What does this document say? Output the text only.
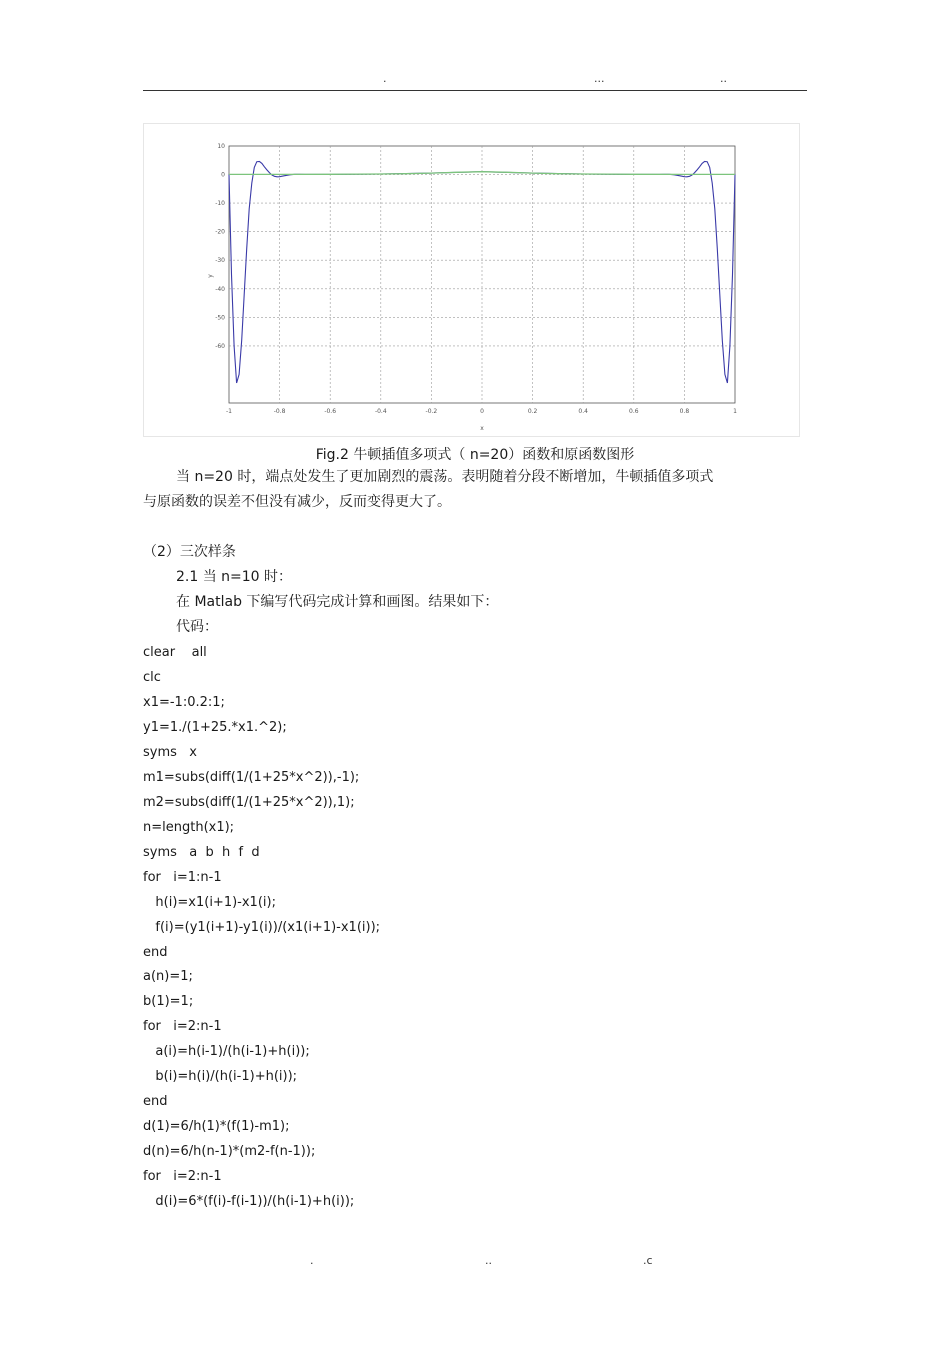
.	...	..
-1	-0.8	-0.6	-0.4	-0.2	0	0.2	0.4	0.6	0.8	1
10
0
-10
-20
-30
-40
-50
-60
x
y
Fig.2 牛顿插值多项式（ n=20）函数和原函数图形
当 n=20 时，端点处发生了更加剧烈的震荡。表明随着分段不断增加，牛顿插值多项式
与原函数的误差不但没有减少，反而变得更大了。
（2）三次样条
2.1 当 n=10 时：
在 Matlab 下编写代码完成计算和画图。结果如下：
代码：
clear    all
clc
x1=-1:0.2:1;
y1=1./(1+25.*x1.^2);
syms   x
m1=subs(diff(1/(1+25*x^2)),-1);
m2=subs(diff(1/(1+25*x^2)),1);
n=length(x1);
syms   a  b  h  f  d
for   i=1:n-1
h(i)=x1(i+1)-x1(i);
f(i)=(y1(i+1)-y1(i))/(x1(i+1)-x1(i));
end
a(n)=1;
b(1)=1;
for   i=2:n-1
a(i)=h(i-1)/(h(i-1)+h(i));
b(i)=h(i)/(h(i-1)+h(i));
end
d(1)=6/h(1)*(f(1)-m1);
d(n)=6/h(n-1)*(m2-f(n-1));
for   i=2:n-1
d(i)=6*(f(i)-f(i-1))/(h(i-1)+h(i));
.	..	.c
